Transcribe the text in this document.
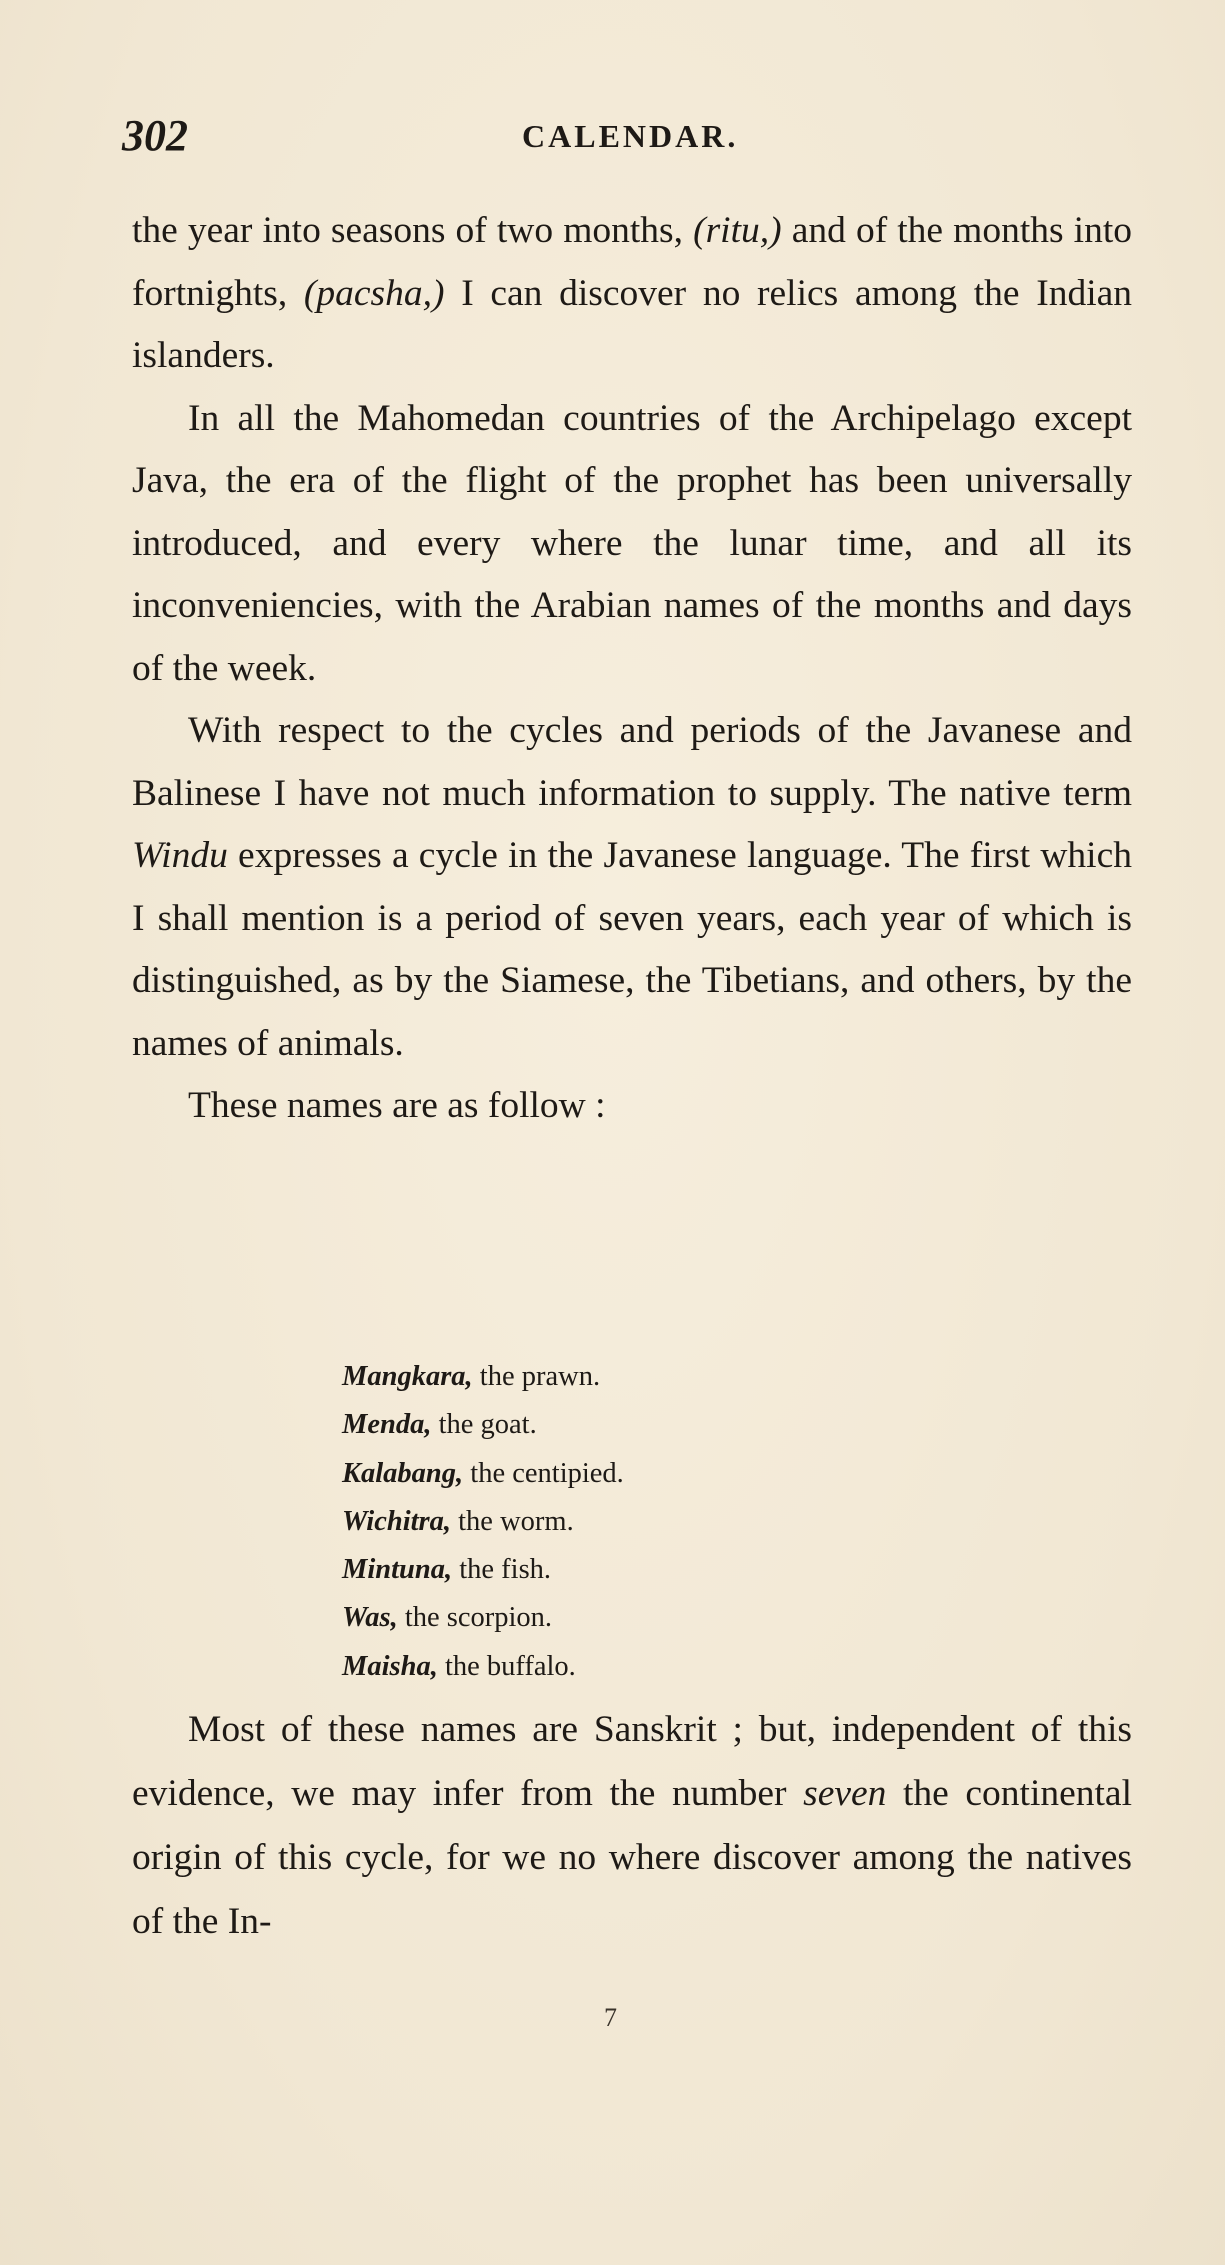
302	CALENDAR.

the year into seasons of two months, (ritu,) and of the months into fortnights, (pacsha,) I can discover no relics among the Indian islanders.

In all the Mahomedan countries of the Archipelago except Java, the era of the flight of the prophet has been universally introduced, and every where the lunar time, and all its inconveniencies, with the Arabian names of the months and days of the week.

With respect to the cycles and periods of the Javanese and Balinese I have not much information to supply. The native term Windu expresses a cycle in the Javanese language. The first which I shall mention is a period of seven years, each year of which is distinguished, as by the Siamese, the Tibetians, and others, by the names of animals.

These names are as follow :

Mangkara, the prawn.
Menda, the goat.
Kalabang, the centipied.
Wichitra, the worm.
Mintuna, the fish.
Was, the scorpion.
Maisha, the buffalo.

Most of these names are Sanskrit ; but, independent of this evidence, we may infer from the number seven the continental origin of this cycle, for we no where discover among the natives of the In-

7
